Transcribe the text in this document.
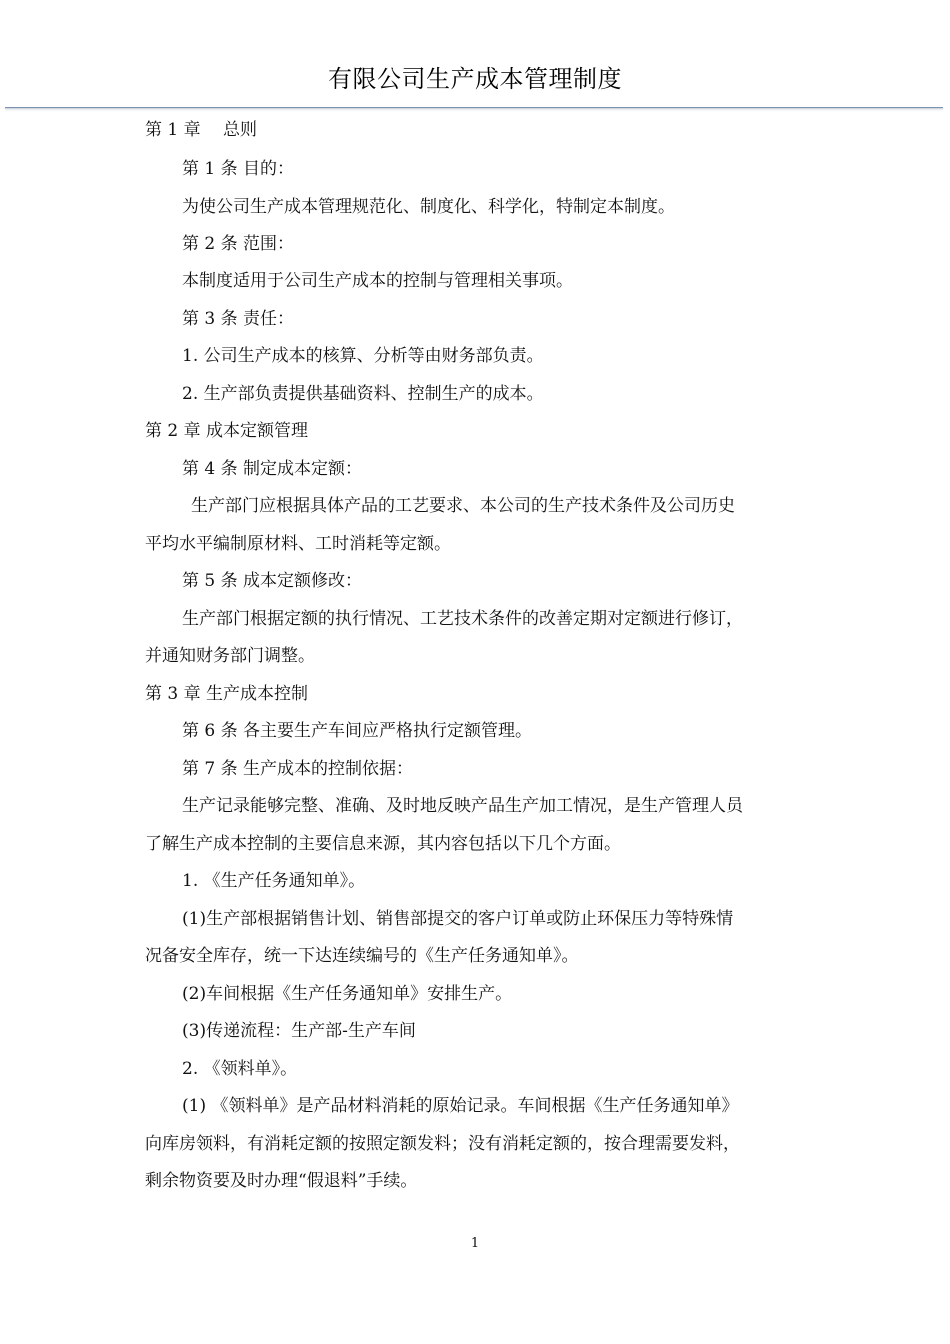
有限公司生产成本管理制度
第 1 章　 总则
第 1 条 目的：
为使公司生产成本管理规范化、制度化、科学化，特制定本制度。
第 2 条 范围：
本制度适用于公司生产成本的控制与管理相关事项。
第 3 条 责任：
1. 公司生产成本的核算、分析等由财务部负责。
2. 生产部负责提供基础资料、控制生产的成本。
第 2 章 成本定额管理
第 4 条 制定成本定额：
生产部门应根据具体产品的工艺要求、本公司的生产技术条件及公司历史
平均水平编制原材料、工时消耗等定额。
第 5 条 成本定额修改：
生产部门根据定额的执行情况、工艺技术条件的改善定期对定额进行修订，
并通知财务部门调整。
第 3 章 生产成本控制
第 6 条 各主要生产车间应严格执行定额管理。
第 7 条 生产成本的控制依据：
生产记录能够完整、准确、及时地反映产品生产加工情况，是生产管理人员
了解生产成本控制的主要信息来源，其内容包括以下几个方面。
1. 《生产任务通知单》。
(1)生产部根据销售计划、销售部提交的客户订单或防止环保压力等特殊情
况备安全库存，统一下达连续编号的《生产任务通知单》。
(2)车间根据《生产任务通知单》安排生产。
(3)传递流程：生产部-生产车间
2. 《领料单》。
(1) 《领料单》是产品材料消耗的原始记录。车间根据《生产任务通知单》
向库房领料，有消耗定额的按照定额发料；没有消耗定额的，按合理需要发料，
剩余物资要及时办理“假退料”手续。
1
